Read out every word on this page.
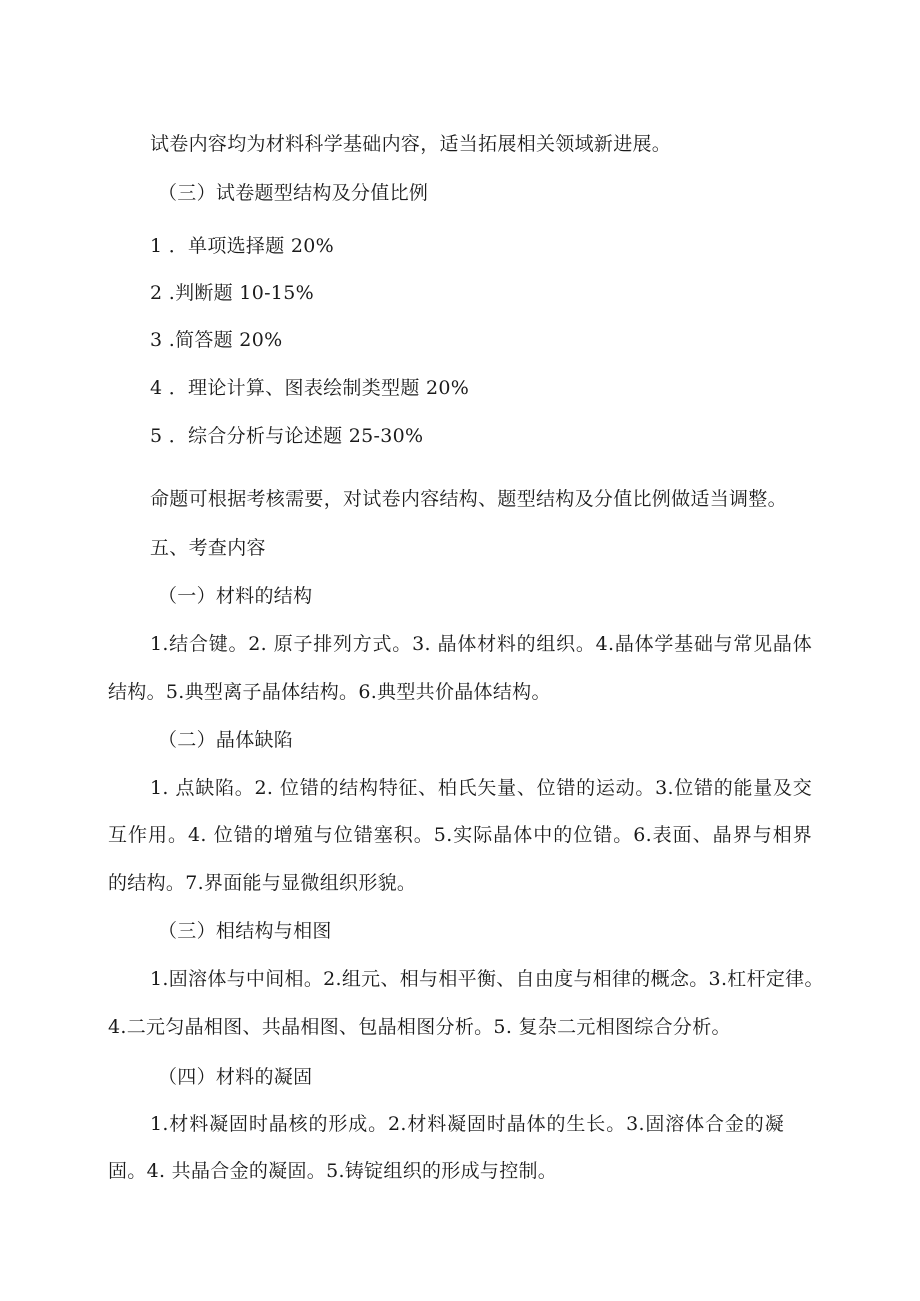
试卷内容均为材料科学基础内容，适当拓展相关领域新进展。
（三）试卷题型结构及分值比例
1 ．单项选择题 20%
2 .判断题 10-15%
3 .简答题 20%
4 ．理论计算、图表绘制类型题 20%
5 ．综合分析与论述题 25-30%
命题可根据考核需要，对试卷内容结构、题型结构及分值比例做适当调整。
五、考查内容
（一）材料的结构
1.结合键。2. 原子排列方式。3. 晶体材料的组织。4.晶体学基础与常见晶体
结构。5.典型离子晶体结构。6.典型共价晶体结构。
（二）晶体缺陷
1. 点缺陷。2. 位错的结构特征、柏氏矢量、位错的运动。3.位错的能量及交
互作用。4. 位错的增殖与位错塞积。5.实际晶体中的位错。6.表面、晶界与相界
的结构。7.界面能与显微组织形貌。
（三）相结构与相图
1.固溶体与中间相。2.组元、相与相平衡、自由度与相律的概念。3.杠杆定律。
4.二元匀晶相图、共晶相图、包晶相图分析。5. 复杂二元相图综合分析。
（四）材料的凝固
1.材料凝固时晶核的形成。2.材料凝固时晶体的生长。3.固溶体合金的凝
固。4. 共晶合金的凝固。5.铸锭组织的形成与控制。
